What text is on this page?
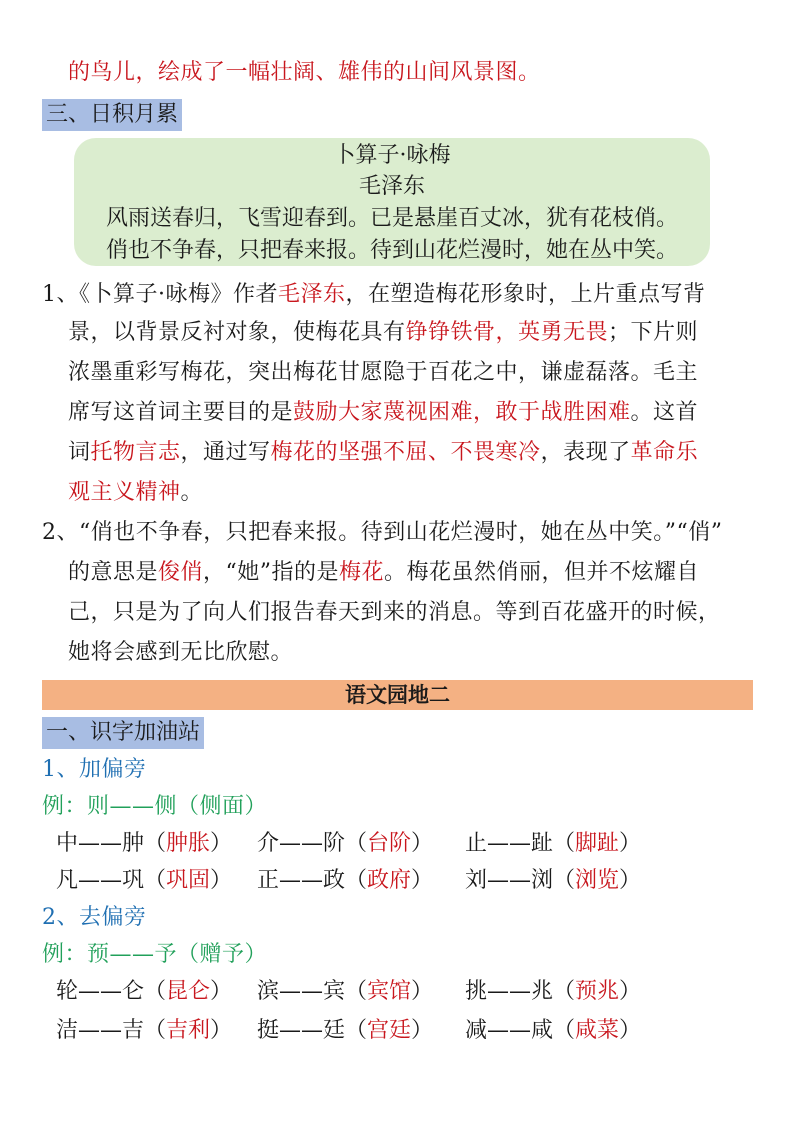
的鸟儿，绘成了一幅壮阔、雄伟的山间风景图。
三、日积月累
卜算子·咏梅
毛泽东
风雨送春归，飞雪迎春到。已是悬崖百丈冰，犹有花枝俏。
俏也不争春，只把春来报。待到山花烂漫时，她在丛中笑。
1、《卜算子·咏梅》作者毛泽东，在塑造梅花形象时，上片重点写背
景，以背景反衬对象，使梅花具有铮铮铁骨，英勇无畏；下片则
浓墨重彩写梅花，突出梅花甘愿隐于百花之中，谦虚磊落。毛主
席写这首词主要目的是鼓励大家蔑视困难，敢于战胜困难。这首
词托物言志，通过写梅花的坚强不屈、不畏寒冷，表现了革命乐
观主义精神。
2、“俏也不争春，只把春来报。待到山花烂漫时，她在丛中笑。”“俏”
的意思是俊俏，“她”指的是梅花。梅花虽然俏丽，但并不炫耀自
己，只是为了向人们报告春天到来的消息。等到百花盛开的时候，
她将会感到无比欣慰。
语文园地二
一、识字加油站
1、加偏旁
例：则——侧（侧面）
中——肿（肿胀） 介——阶（台阶） 止——趾（脚趾）
凡——巩（巩固） 正——政（政府） 刘——浏（浏览）
2、去偏旁
例：预——予（赠予）
轮——仑（昆仑） 滨——宾（宾馆） 挑——兆（预兆）
洁——吉（吉利） 挺——廷（宫廷） 减——咸（咸菜）
